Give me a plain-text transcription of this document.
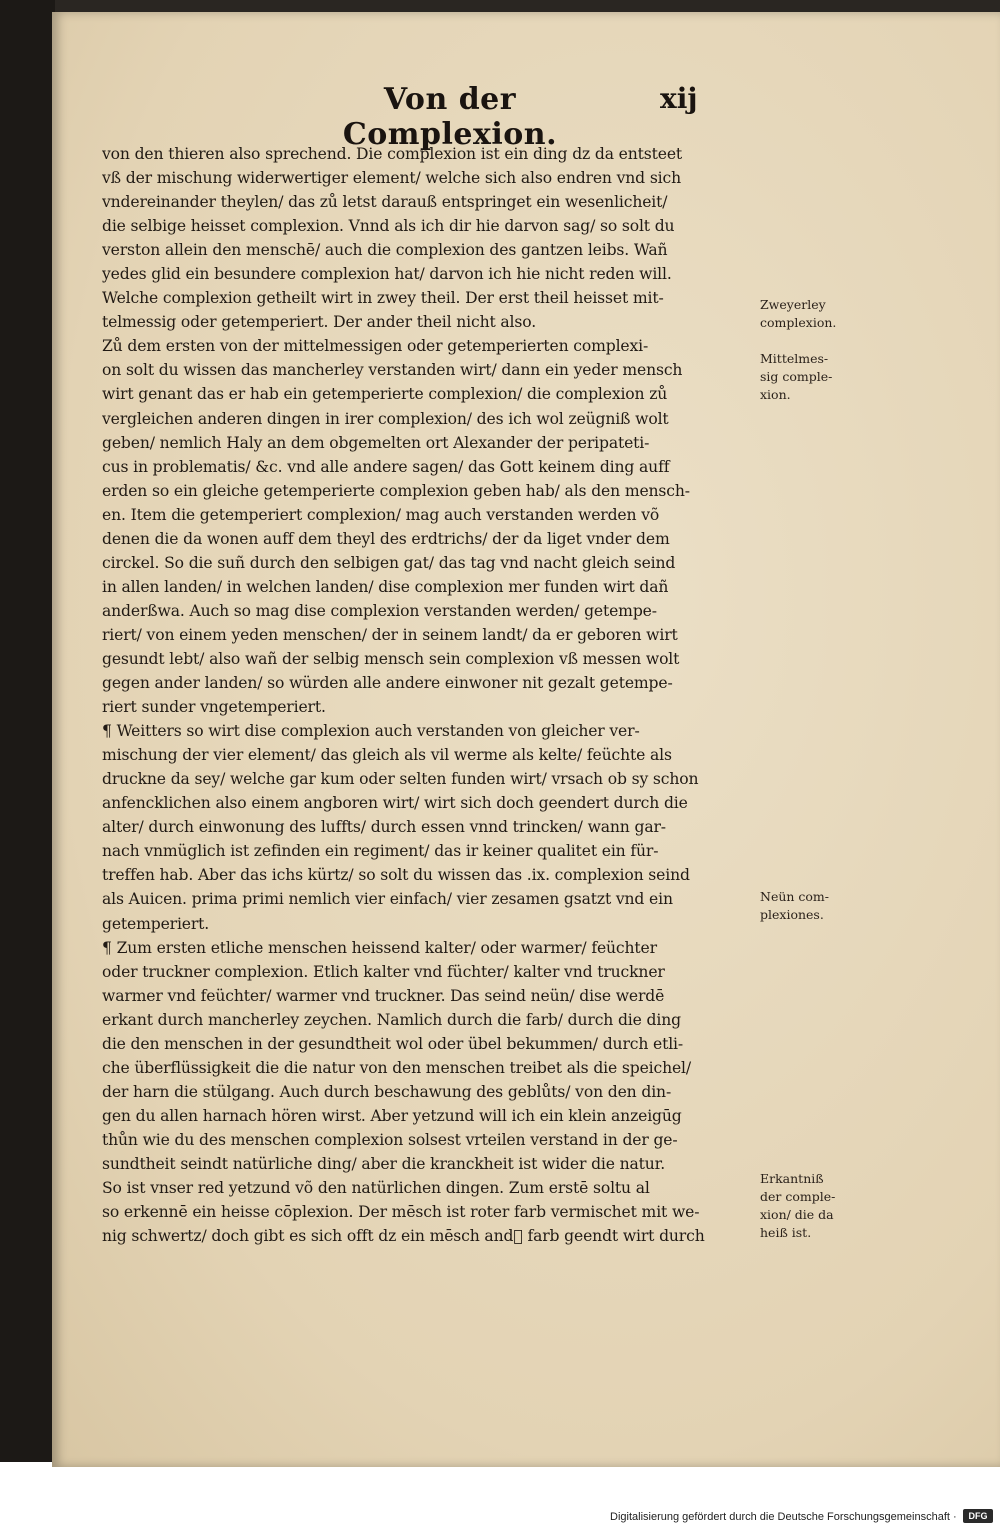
Von der Complexion.
xij
von den thieren also sprechend. Die complexion ist ein ding dz da entsteet
vß der mischung widerwertiger element/ welche sich also endren vnd sich
vndereinander theylen/ das zů letst darauß entspringet ein wesenlicheit/
die selbige heisset complexion. Vnnd als ich dir hie darvon sag/ so solt du
verston allein den menschē/ auch die complexion des gantzen leibs. Wañ
yedes glid ein besundere complexion hat/ darvon ich hie nicht reden will.
Welche complexion getheilt wirt in zwey theil. Der erst theil heisset mit-
telmessig oder getemperiert. Der ander theil nicht also.
Zů dem ersten von der mittelmessigen oder getemperierten complexi-
on solt du wissen das mancherley verstanden wirt/ dann ein yeder mensch
wirt genant das er hab ein getemperierte complexion/ die complexion zů
vergleichen anderen dingen in irer complexion/ des ich wol zeügniß wolt
geben/ nemlich Haly an dem obgemelten ort Alexander der peripateti-
cus in problematis/ &c. vnd alle andere sagen/ das Gott keinem ding auff
erden so ein gleiche getemperierte complexion geben hab/ als den mensch-
en. Item die getemperiert complexion/ mag auch verstanden werden võ
denen die da wonen auff dem theyl des erdtrichs/ der da liget vnder dem
circkel. So die suñ durch den selbigen gat/ das tag vnd nacht gleich seind
in allen landen/ in welchen landen/ dise complexion mer funden wirt dañ
anderßwa. Auch so mag dise complexion verstanden werden/ getempe-
riert/ von einem yeden menschen/ der in seinem landt/ da er geboren wirt
gesundt lebt/ also wañ der selbig mensch sein complexion vß messen wolt
gegen ander landen/ so würden alle andere einwoner nit gezalt getempe-
riert sunder vngetemperiert.
¶ Weitters so wirt dise complexion auch verstanden von gleicher ver-
mischung der vier element/ das gleich als vil werme als kelte/ feüchte als
druckne da sey/ welche gar kum oder selten funden wirt/ vrsach ob sy schon
anfencklichen also einem angboren wirt/ wirt sich doch geendert durch die
alter/ durch einwonung des luffts/ durch essen vnnd trincken/ wann gar-
nach vnmüglich ist zefinden ein regiment/ das ir keiner qualitet ein für-
treffen hab. Aber das ichs kürtz/ so solt du wissen das .ix. complexion seind
als Auicen. prima primi nemlich vier einfach/ vier zesamen gsatzt vnd ein
getemperiert.
¶ Zum ersten etliche menschen heissend kalter/ oder warmer/ feüchter
oder truckner complexion. Etlich kalter vnd füchter/ kalter vnd truckner
warmer vnd feüchter/ warmer vnd truckner. Das seind neün/ dise werdē
erkant durch mancherley zeychen. Namlich durch die farb/ durch die ding
die den menschen in der gesundtheit wol oder übel bekummen/ durch etli-
che überflüssigkeit die die natur von den menschen treibet als die speichel/
der harn die stülgang. Auch durch beschawung des geblůts/ von den din-
gen du allen harnach hören wirst. Aber yetzund will ich ein klein anzeigūg
thůn wie du des menschen complexion solsest vrteilen verstand in der ge-
sundtheit seindt natürliche ding/ aber die kranckheit ist wider die natur.
So ist vnser red yetzund võ den natürlichen dingen. Zum erstē soltu al
so erkennē ein heisse cōplexion. Der mēsch ist roter farb vermischet mit we-
nig schwertz/ doch gibt es sich offt dz ein mēsch and᷑ farb geendt wirt durch
Zweyerley
complexion.
Mittelmes-
sig comple-
xion.
Neün com-
plexiones.
Erkantniß
der comple-
xion/ die da
heiß ist.
Digitalisierung gefördert durch die Deutsche Forschungsgemeinschaft ·	DFG
